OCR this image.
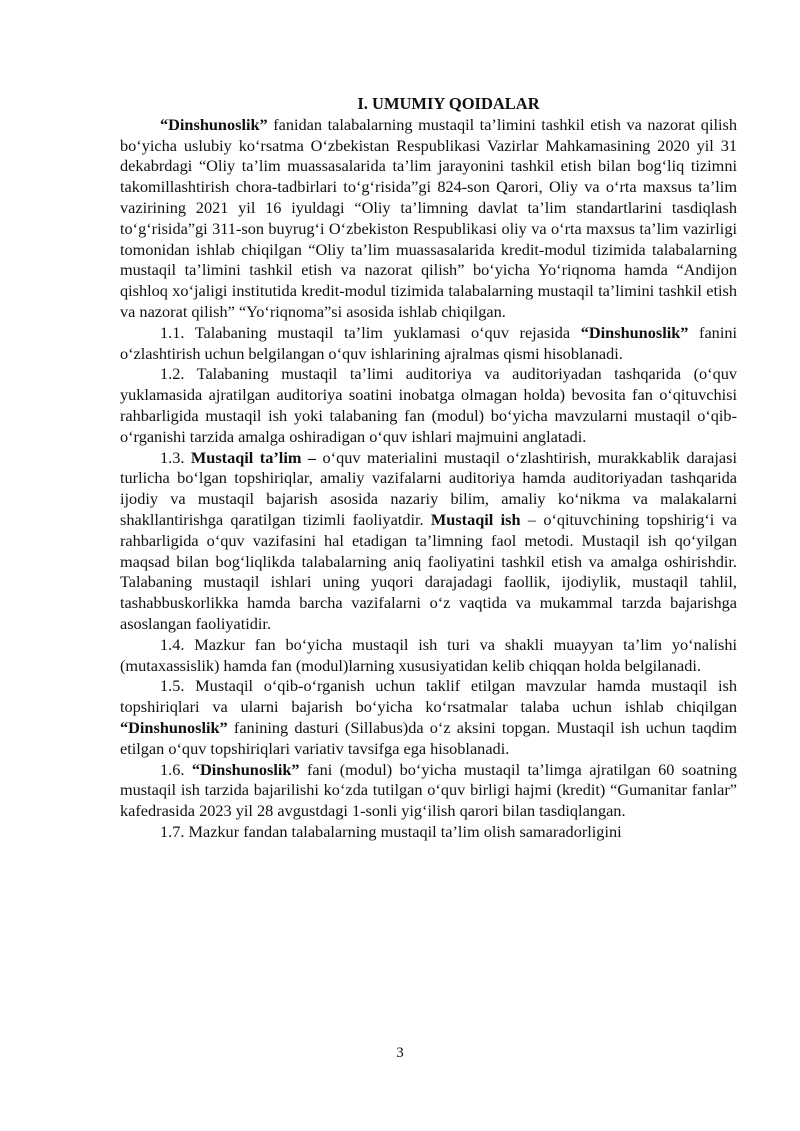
I. UMUMIY QOIDALAR

“Dinshunoslik” fanidan talabalarning mustaqil ta’limini tashkil etish va nazorat qilish bo‘yicha uslubiy ko‘rsatma O‘zbekistan Respublikasi Vazirlar Mahkamasining 2020 yil 31 dekabrdagi “Oliy ta’lim muassasalarida ta’lim jarayonini tashkil etish bilan bog‘liq tizimni takomillashtirish chora-tadbirlari to‘g‘risida”gi 824-son Qarori, Oliy va o‘rta maxsus ta’lim vazirining 2021 yil 16 iyuldagi “Oliy ta’limning davlat ta’lim standartlarini tasdiqlash to‘g‘risida”gi 311-son buyrug‘i O‘zbekiston Respublikasi oliy va o‘rta maxsus ta’lim vazirligi tomonidan ishlab chiqilgan “Oliy ta’lim muassasalarida kredit-modul tizimida talabalarning mustaqil ta’limini tashkil etish va nazorat qilish” bo‘yicha Yo‘riqnoma hamda “Andijon qishloq xo‘jaligi institutida kredit-modul tizimida talabalarning mustaqil ta’limini tashkil etish va nazorat qilish” “Yo‘riqnoma”si asosida ishlab chiqilgan.

1.1. Talabaning mustaqil ta’lim yuklamasi o‘quv rejasida “Dinshunoslik” fanini o‘zlashtirish uchun belgilangan o‘quv ishlarining ajralmas qismi hisoblanadi.

1.2. Talabaning mustaqil ta’limi auditoriya va auditoriyadan tashqarida (o‘quv yuklamasida ajratilgan auditoriya soatini inobatga olmagan holda) bevosita fan o‘qituvchisi rahbarligida mustaqil ish yoki talabaning fan (modul) bo‘yicha mavzularni mustaqil o‘qib-o‘rganishi tarzida amalga oshiradigan o‘quv ishlari majmuini anglatadi.

1.3. Mustaqil ta’lim – o‘quv materialini mustaqil o‘zlashtirish, murakkablik darajasi turlicha bo‘lgan topshiriqlar, amaliy vazifalarni auditoriya hamda auditoriyadan tashqarida ijodiy va mustaqil bajarish asosida nazariy bilim, amaliy ko‘nikma va malakalarni shakllantirishga qaratilgan tizimli faoliyatdir. Mustaqil ish – o‘qituvchining topshirig‘i va rahbarligida o‘quv vazifasini hal etadigan ta’limning faol metodi. Mustaqil ish qo‘yilgan maqsad bilan bog‘liqlikda talabalarning aniq faoliyatini tashkil etish va amalga oshirishdir. Talabaning mustaqil ishlari uning yuqori darajadagi faollik, ijodiylik, mustaqil tahlil, tashabbuskorlikka hamda barcha vazifalarni o‘z vaqtida va mukammal tarzda bajarishga asoslangan faoliyatidir.

1.4. Mazkur fan bo‘yicha mustaqil ish turi va shakli muayyan ta’lim yo‘nalishi (mutaxassislik) hamda fan (modul)larning xususiyatidan kelib chiqqan holda belgilanadi.

1.5. Mustaqil o‘qib-o‘rganish uchun taklif etilgan mavzular hamda mustaqil ish topshiriqlari va ularni bajarish bo‘yicha ko‘rsatmalar talaba uchun ishlab chiqilgan “Dinshunoslik” fanining dasturi (Sillabus)da o‘z aksini topgan. Mustaqil ish uchun taqdim etilgan o‘quv topshiriqlari variativ tavsifga ega hisoblanadi.

1.6. “Dinshunoslik” fani (modul) bo‘yicha mustaqil ta’limga ajratilgan 60 soatning mustaqil ish tarzida bajarilishi ko‘zda tutilgan o‘quv birligi hajmi (kredit) “Gumanitar fanlar” kafedrasida 2023 yil 28 avgustdagi 1-sonli yig‘ilish qarori bilan tasdiqlangan.

1.7. Mazkur fandan talabalarning mustaqil ta’lim olish samaradorligini

3
